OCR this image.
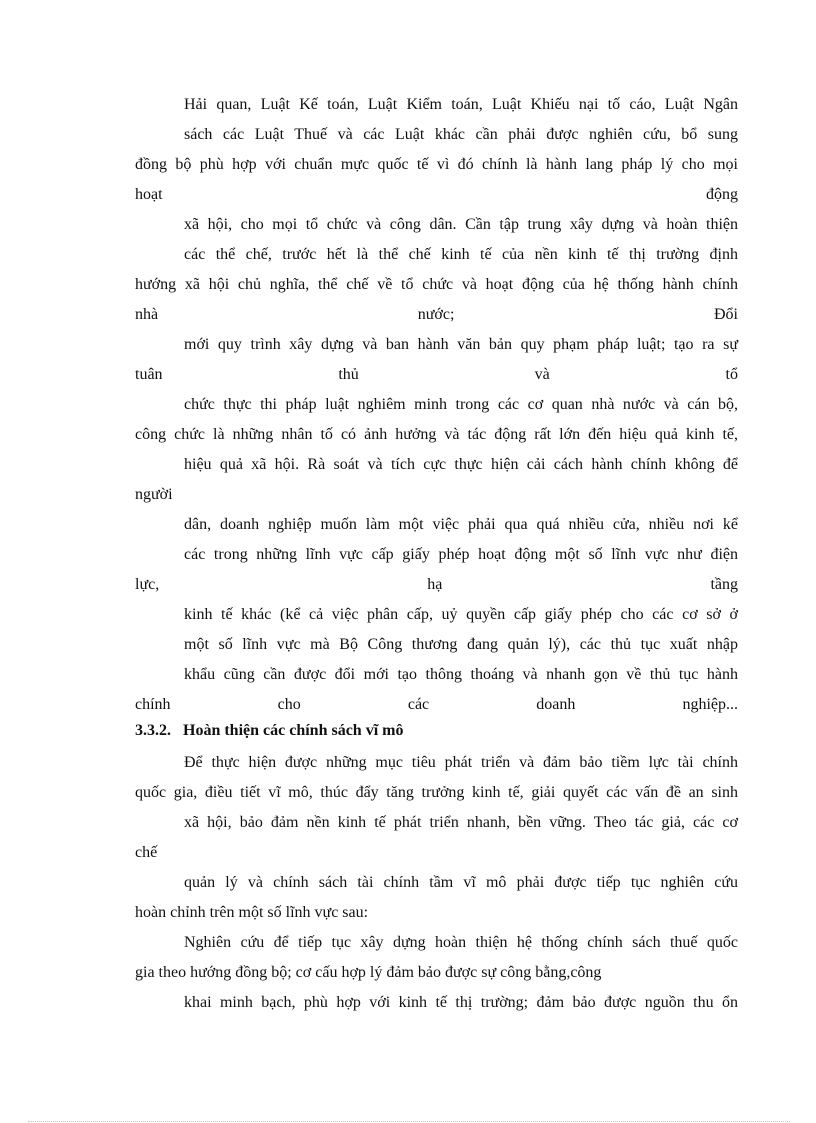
Hải quan, Luật Kế toán, Luật Kiểm toán, Luật Khiếu nại tố cáo, Luật Ngân
sách các Luật Thuế và các Luật khác cần phải được nghiên cứu, bổ sung
đồng bộ phù hợp với chuẩn mực quốc tế vì đó chính là hành lang pháp lý cho mọi
hoạt động
xã hội, cho mọi tổ chức và công dân. Cần tập trung xây dựng và hoàn thiện
các thể chế, trước hết là thể chế kinh tế của nền kinh tế thị trường định
hướng xã hội chủ nghĩa, thể chế về tổ chức và hoạt động của hệ thống hành chính
nhà nước; Đổi
mới quy trình xây dựng và ban hành văn bản quy phạm pháp luật; tạo ra sự
tuân thủ và tổ
chức thực thi pháp luật nghiêm minh trong các cơ quan nhà nước và cán bộ,
công chức là những nhân tố có ảnh hưởng và tác động rất lớn đến hiệu quả kinh tế,
hiệu quả xã hội. Rà soát và tích cực thực hiện cải cách hành chính không để
người
dân, doanh nghiệp muốn làm một việc phải qua quá nhiều cửa, nhiều nơi kể
các trong những lĩnh vực cấp giấy phép hoạt động một số lĩnh vực như điện
lực, hạ tầng
kinh tế khác (kể cả việc phân cấp, uỷ quyền cấp giấy phép cho các cơ sở ở
một số lĩnh vực mà Bộ Công thương đang quản lý), các thủ tục xuất nhập
khẩu cũng cần được đổi mới tạo thông thoáng và nhanh gọn về thủ tục hành
chính cho các doanh nghiệp...
3.3.2. Hoàn thiện các chính sách vĩ mô
Để thực hiện được những mục tiêu phát triển và đảm bảo tiềm lực tài chính
quốc gia, điều tiết vĩ mô, thúc đẩy tăng trưởng kinh tế, giải quyết các vấn đề an sinh
xã hội, bảo đảm nền kinh tế phát triển nhanh, bền vững. Theo tác giả, các cơ
chế
quản lý và chính sách tài chính tầm vĩ mô phải được tiếp tục nghiên cứu
hoàn chỉnh trên một số lĩnh vực sau:
Nghiên cứu để tiếp tục xây dựng hoàn thiện hệ thống chính sách thuế quốc
gia theo hướng đồng bộ; cơ cấu hợp lý đảm bảo được sự công bằng,công
khai minh bạch, phù hợp với kinh tế thị trường; đảm bảo được nguồn thu ổn
